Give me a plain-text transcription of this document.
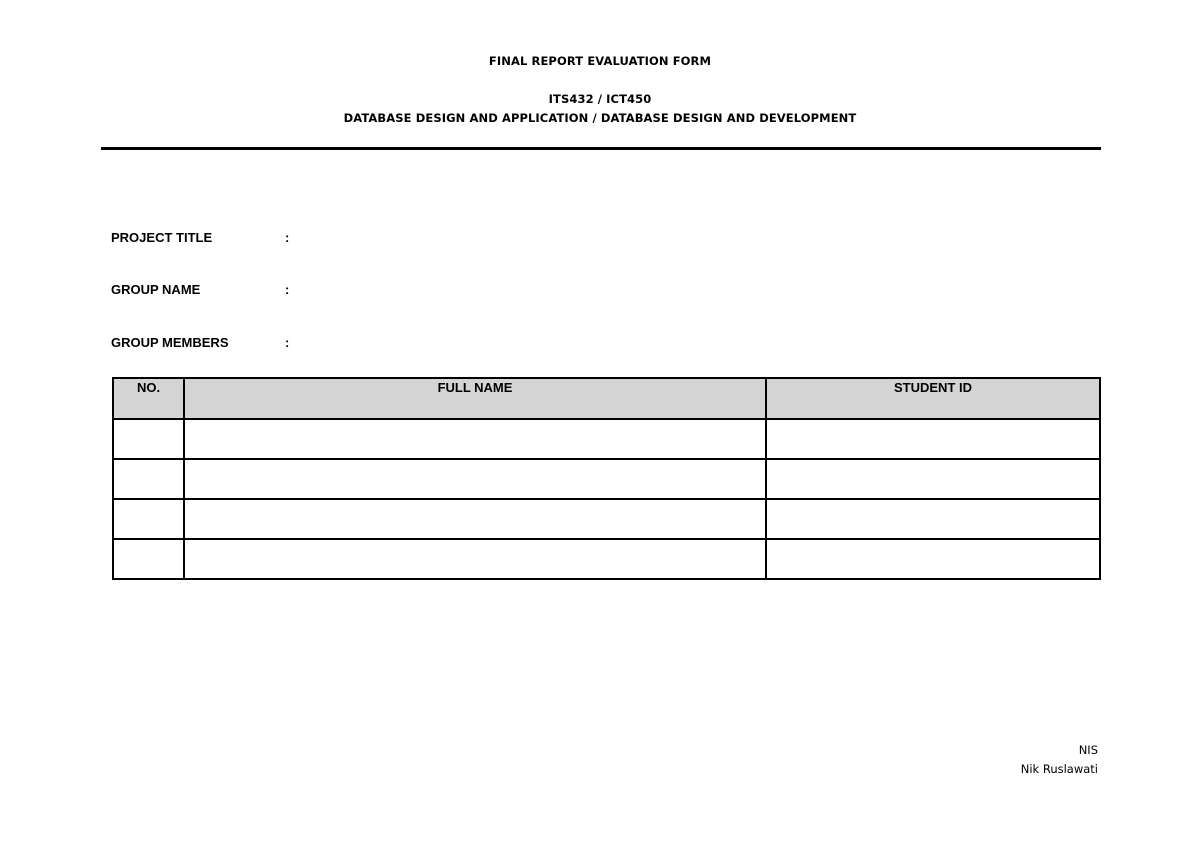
FINAL REPORT EVALUATION FORM
ITS432 / ICT450
DATABASE DESIGN AND APPLICATION / DATABASE DESIGN AND DEVELOPMENT
PROJECT TITLE	:
GROUP NAME	:
GROUP MEMBERS	:
NO.	FULL NAME	STUDENT ID

NIS
Nik Ruslawati
